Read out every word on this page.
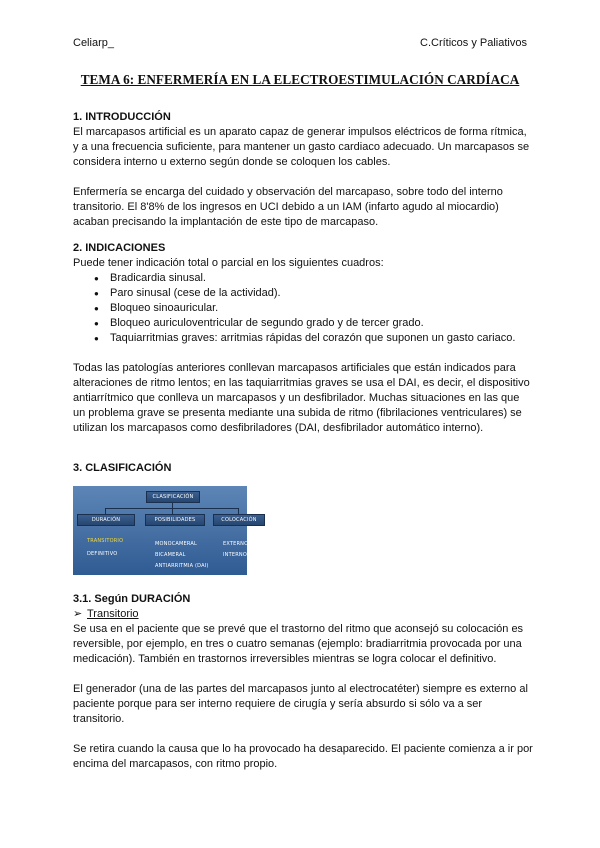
Celiarp_	C.Críticos y Paliativos
TEMA 6: ENFERMERÍA EN LA ELECTROESTIMULACIÓN CARDÍACA

1. INTRODUCCIÓN

El marcapasos artificial es un aparato capaz de generar impulsos eléctricos de forma rítmica, y a una frecuencia suficiente, para mantener un gasto cardiaco adecuado. Un marcapasos se considera interno u externo según donde se coloquen los cables.

Enfermería se encarga del cuidado y observación del marcapaso, sobre todo del interno transitorio. El 8'8% de los ingresos en UCI debido a un IAM (infarto agudo al miocardio) acaban precisando la implantación de este tipo de marcapaso.

2. INDICACIONES

Puede tener indicación total o parcial en los siguientes cuadros:

● Bradicardia sinusal.
● Paro sinusal (cese de la actividad).
● Bloqueo sinoauricular.
● Bloqueo auriculoventricular de segundo grado y de tercer grado.
● Taquiarritmias graves: arritmias rápidas del corazón que suponen un gasto cariaco.

Todas las patologías anteriores conllevan marcapasos artificiales que están indicados para alteraciones de ritmo lentos; en las taquiarritmias graves se usa el DAI, es decir, el dispositivo antiarrítmico que conlleva un marcapasos y un desfibrilador. Muchas situaciones en las que un problema grave se presenta mediante una subida de ritmo (fibrilaciones ventriculares) se utilizan los marcapasos como desfibriladores (DAI, desfibrilador automático interno).

3. CLASIFICACIÓN

CLASIFICACIÓN
DURACIÓN	POSIBILIDADES	COLOCACIÓN
TRANSITORIO
DEFINITIVO
MONOCAMERAL
BICAMERAL
ANTIARRITMIA (DAI)
EXTERNO
INTERNO

3.1. Según DURACIÓN

➢ Transitorio

Se usa en el paciente que se prevé que el trastorno del ritmo que aconsejó su colocación es reversible, por ejemplo, en tres o cuatro semanas (ejemplo: bradiarritmia provocada por una medicación). También en trastornos irreversibles mientras se logra colocar el definitivo.

El generador (una de las partes del marcapasos junto al electrocatéter) siempre es externo al paciente porque para ser interno requiere de cirugía y sería absurdo si sólo va a ser transitorio.

Se retira cuando la causa que lo ha provocado ha desaparecido. El paciente comienza a ir por encima del marcapasos, con ritmo propio.
